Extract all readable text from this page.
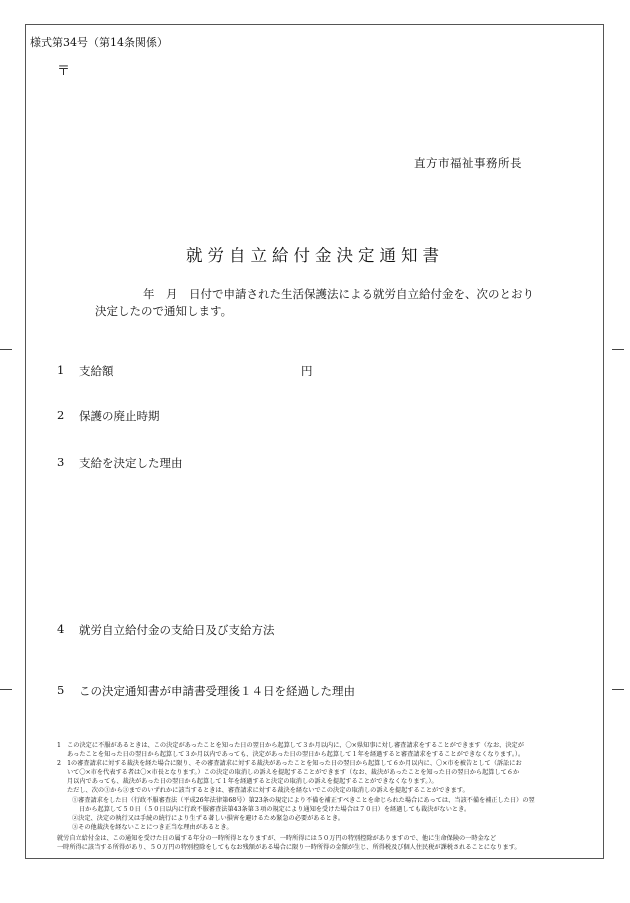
様式第34号（第14条関係）
〒
直方市福祉事務所長
就労自立給付金決定通知書
年　月　日付で申請された生活保護法による就労自立給付金を、次のとおり
決定したので通知します。
1 支給額	円
2 保護の廃止時期
3 支給を決定した理由
4 就労自立給付金の支給日及び支給方法
5 この決定通知書が申請書受理後１４日を経過した理由
1　この決定に不服があるときは、この決定があったことを知った日の翌日から起算して３か月以内に、〇×県知事に対し審査請求をすることができます（なお、決定が
あったことを知った日の翌日から起算して３か月以内であっても、決定があった日の翌日から起算して１年を経過すると審査請求をすることができなくなります。）。
2　1の審査請求に対する裁決を経た場合に限り、その審査請求に対する裁決があったことを知った日の翌日から起算して６か月以内に、〇×市を被告として（訴訟にお
いて〇×市を代表する者は〇×市長となります。）この決定の取消しの訴えを提起することができます（なお、裁決があったことを知った日の翌日から起算して６か
月以内であっても、裁決があった日の翌日から起算して１年を経過すると決定の取消しの訴えを提起することができなくなります。）。
ただし、次の①から③までのいずれかに該当するときは、審査請求に対する裁決を経ないでこの決定の取消しの訴えを提起することができます。
①審査請求をした日（行政不服審査法（平成26年法律第68号）第23条の規定により不備を補正すべきことを命じられた場合にあっては、当該不備を補正した日）の翌
日から起算して５０日（５０日以内に行政不服審査法第43条第３項の規定により通知を受けた場合は７０日）を経過しても裁決がないとき。
②決定、決定の執行又は手続の続行により生ずる著しい損害を避けるため緊急の必要があるとき。
③その他裁決を経ないことにつき正当な理由があるとき。
就労自立給付金は、この通知を受けた日の属する年分の一時所得となりますが、一時所得には５０万円の特別控除がありますので、他に生命保険の一時金など
一時所得に該当する所得があり、５０万円の特別控除をしてもなお残額がある場合に限り一時所得の金額が生じ、所得税及び個人住民税が課税されることになります。
